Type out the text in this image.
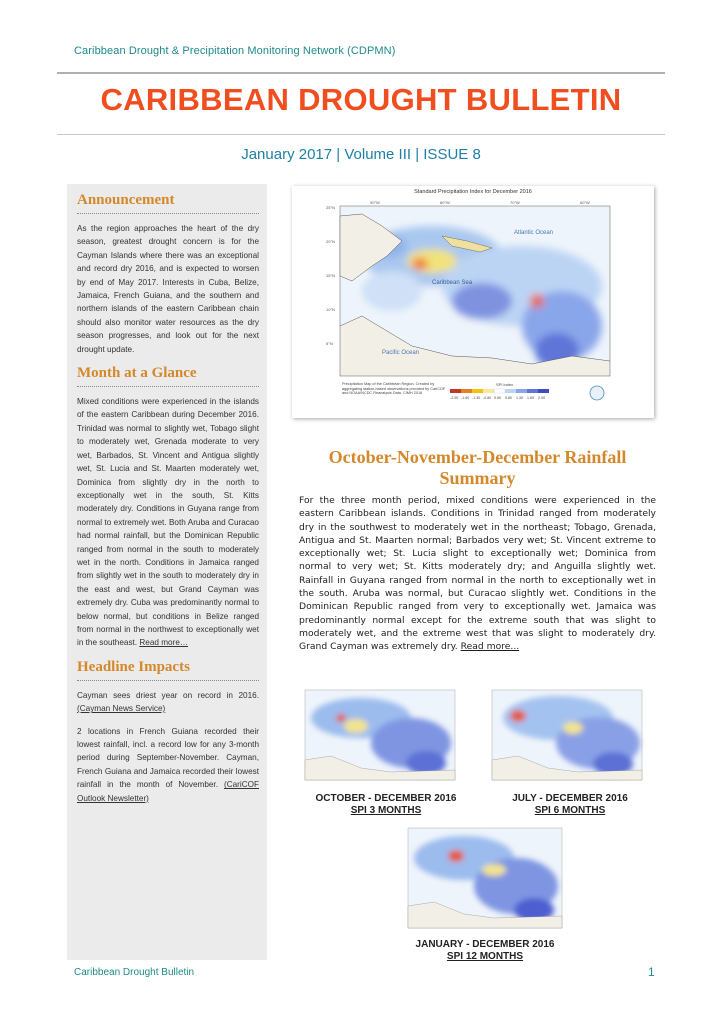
Caribbean Drought & Precipitation Monitoring Network (CDPMN)
CARIBBEAN DROUGHT BULLETIN
January 2017 | Volume III | ISSUE 8
Announcement
As the region approaches the heart of the dry season, greatest drought concern is for the Cayman Islands where there was an exceptional and record dry 2016, and is expected to worsen by end of May 2017. Interests in Cuba, Belize, Jamaica, French Guiana, and the southern and northern islands of the eastern Caribbean chain should also monitor water resources as the dry season progresses, and look out for the next drought update.
Month at a Glance
Mixed conditions were experienced in the islands of the eastern Caribbean during December 2016. Trinidad was normal to slightly wet, Tobago slight to moderately wet, Grenada moderate to very wet, Barbados, St. Vincent and Antigua slightly wet, St. Lucia and St. Maarten moderately wet, Dominica from slightly dry in the north to exceptionally wet in the south, St. Kitts moderately dry. Conditions in Guyana range from normal to extremely wet. Both Aruba and Curacao had normal rainfall, but the Dominican Republic ranged from normal in the south to moderately wet in the north. Conditions in Jamaica ranged from slightly wet in the south to moderately dry in the east and west, but Grand Cayman was extremely dry. Cuba was predominantly normal to below normal, but conditions in Belize ranged from normal in the northwest to exceptionally wet in the southeast. Read more…
Headline Impacts
Cayman sees driest year on record in 2016. (Cayman News Service)
2 locations in French Guiana recorded their lowest rainfall, incl. a record low for any 3-month period during September-November. Cayman, French Guiana and Jamaica recorded their lowest rainfall in the month of November. (CariCOF Outlook Newsletter)
Standard Precipitation Index for December 2016
Atlantic Ocean
Caribbean Sea
Pacific Ocean
90°W	80°W	70°W	60°W
25°N
20°N
15°N
10°N
5°N
Precipitation Map of the Caribbean Region. Created by aggregating station-based observations provided by CariCOF and NOAA/NCDC Reanalysis Data. CIMH 2016
SPI index
-2.00 -1.60 -1.30 -0.80 0.50 0.80 1.30 1.60 2.00
October-November-December Rainfall Summary
For the three month period, mixed conditions were experienced in the eastern Caribbean islands. Conditions in Trinidad ranged from moderately dry in the southwest to moderately wet in the northeast; Tobago, Grenada, Antigua and St. Maarten normal; Barbados very wet; St. Vincent extreme to exceptionally wet; St. Lucia slight to exceptionally wet; Dominica from normal to very wet; St. Kitts moderately dry; and Anguilla slightly wet. Rainfall in Guyana ranged from normal in the north to exceptionally wet in the south. Aruba was normal, but Curacao slightly wet. Conditions in the Dominican Republic ranged from very to exceptionally wet. Jamaica was predominantly normal except for the extreme south that was slight to moderately wet, and the extreme west that was slight to moderately dry. Grand Cayman was extremely dry. Read more...
OCTOBER - DECEMBER 2016
SPI 3 MONTHS
JULY - DECEMBER 2016
SPI 6 MONTHS
JANUARY - DECEMBER 2016
SPI 12 MONTHS
Caribbean Drought Bulletin	1
